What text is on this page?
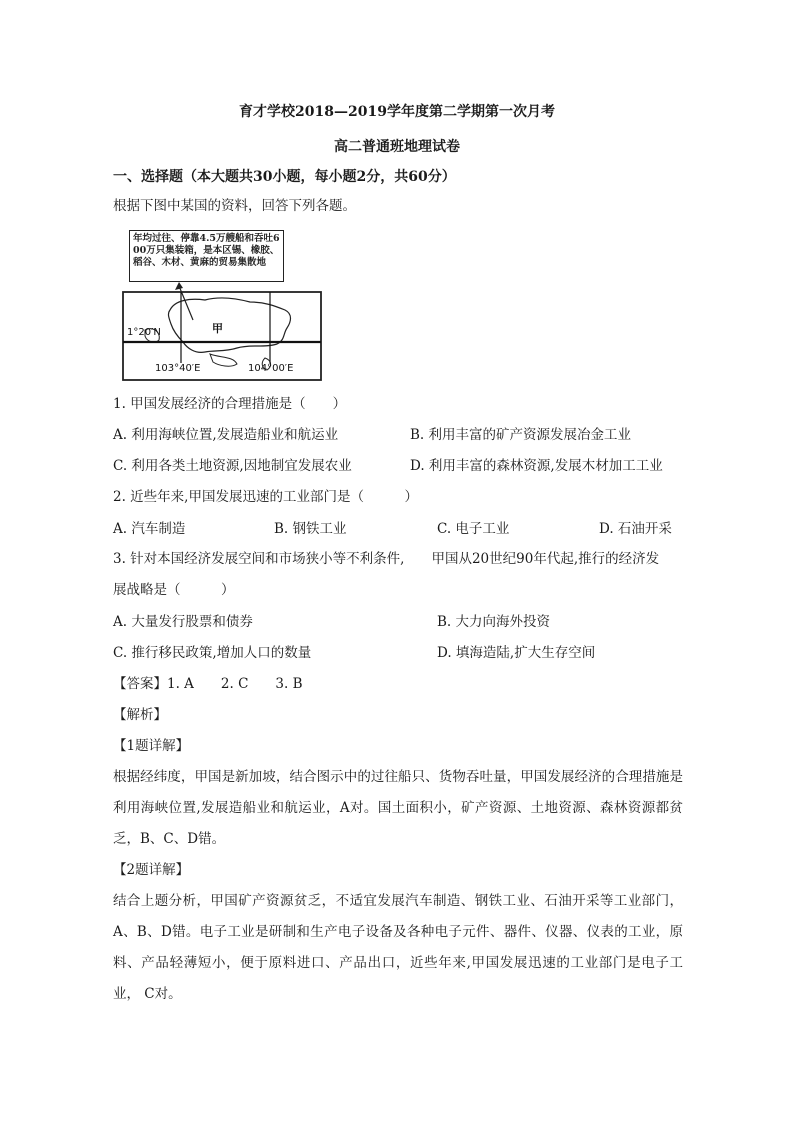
育才学校2018—2019学年度第二学期第一次月考
高二普通班地理试卷
一、选择题（本大题共30小题，每小题2分，共60分）
根据下图中某国的资料，回答下列各题。
年均过往、停靠4.5万艘船和吞吐600万只集装箱，是本区锡、橡胶、稻谷、木材、黄麻的贸易集散地
甲
1°20′N
103°40′E	104°00′E
1. 甲国发展经济的合理措施是（　　）
A. 利用海峡位置,发展造船业和航运业	B. 利用丰富的矿产资源发展冶金工业
C. 利用各类土地资源,因地制宜发展农业	D. 利用丰富的森林资源,发展木材加工工业
2. 近些年来,甲国发展迅速的工业部门是（　　　）
A. 汽车制造	B. 钢铁工业	C. 电子工业	D. 石油开采
3. 针对本国经济发展空间和市场狭小等不利条件,　　甲国从20世纪90年代起,推行的经济发
展战略是（　　　）
A. 大量发行股票和债券	B. 大力向海外投资
C. 推行移民政策,增加人口的数量	D. 填海造陆,扩大生存空间
【答案】1. A　　2. C　　3. B
【解析】
【1题详解】
根据经纬度，甲国是新加坡，结合图示中的过往船只、货物吞吐量，甲国发展经济的合理措施是利用海峡位置,发展造船业和航运业，A对。国土面积小，矿产资源、土地资源、森林资源都贫乏，B、C、D错。
【2题详解】
结合上题分析，甲国矿产资源贫乏，不适宜发展汽车制造、钢铁工业、石油开采等工业部门，A、B、D错。电子工业是研制和生产电子设备及各种电子元件、器件、仪器、仪表的工业，原料、产品轻薄短小，便于原料进口、产品出口，近些年来,甲国发展迅速的工业部门是电子工业， C对。
